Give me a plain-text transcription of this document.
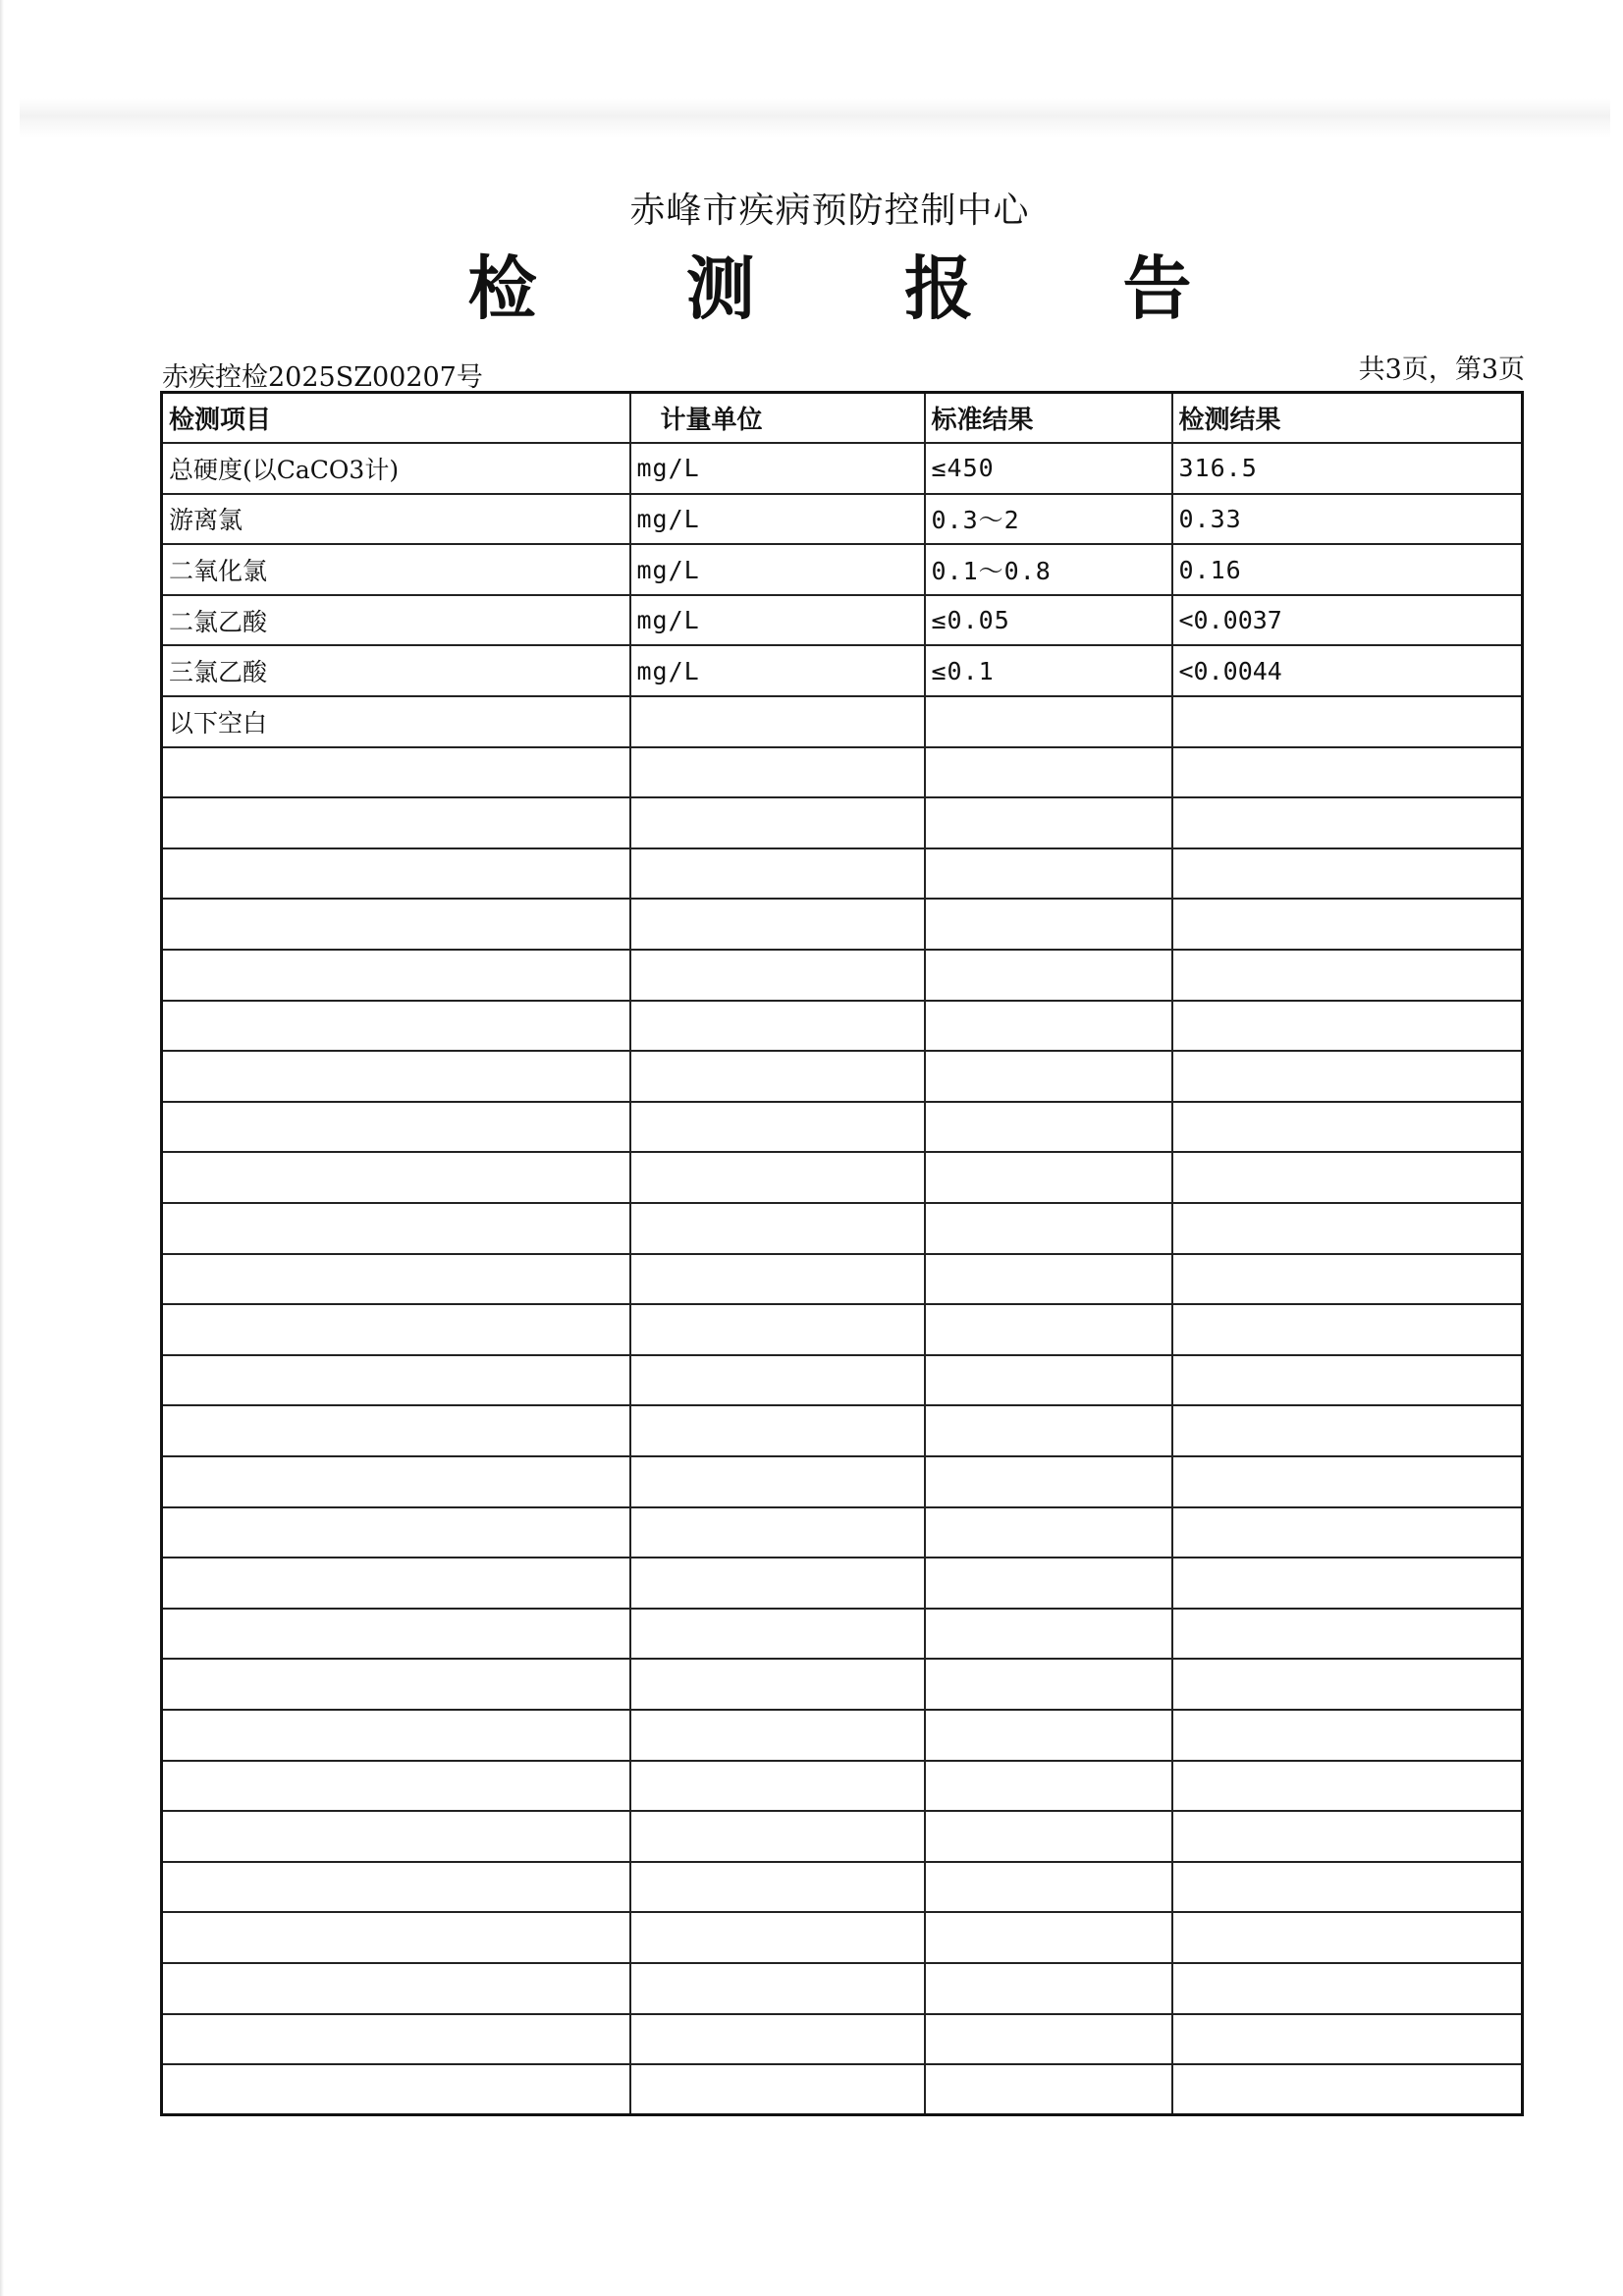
赤峰市疾病预防控制中心
检 测 报 告
赤疾控检2025SZ00207号	共3页，第3页
检测项目	计量单位	标准结果	检测结果
总硬度(以CaCO3计)	mg/L	≤450	316.5
游离氯	mg/L	0.3～2	0.33
二氧化氯	mg/L	0.1～0.8	0.16
二氯乙酸	mg/L	≤0.05	<0.0037
三氯乙酸	mg/L	≤0.1	<0.0044
以下空白			
